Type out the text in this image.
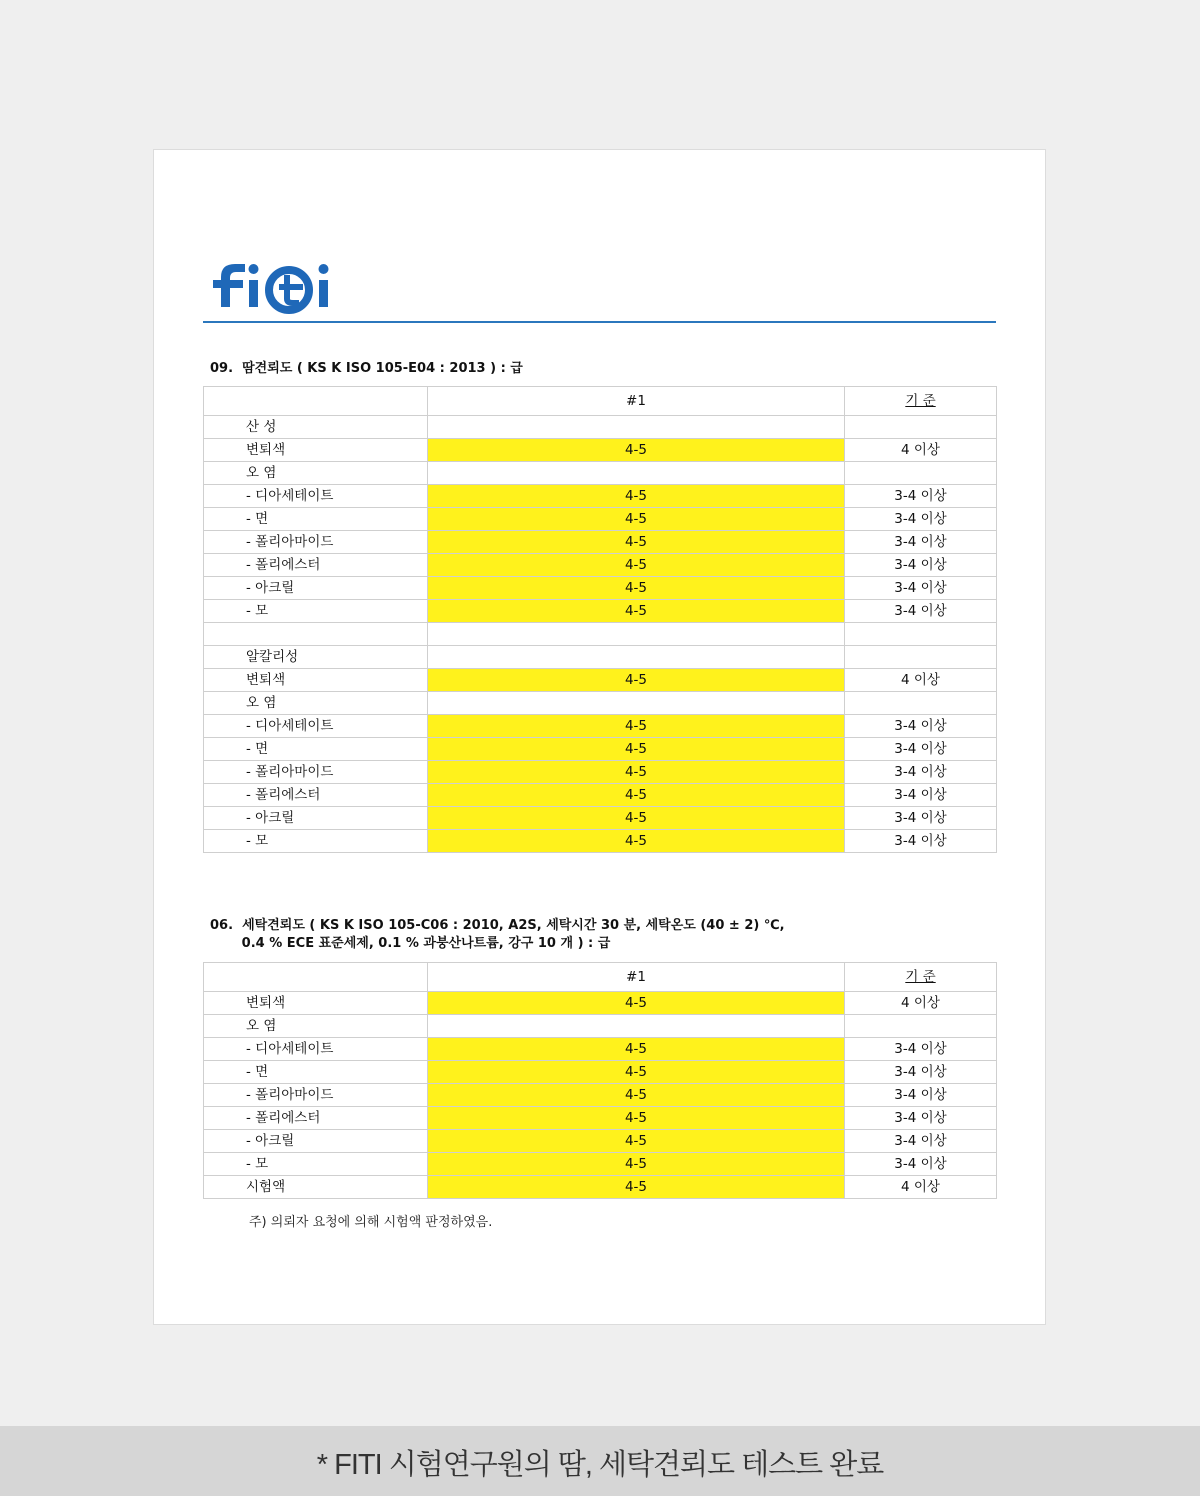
09.  땀견뢰도 ( KS K ISO 105-E04 : 2013 ) : 급
	#1	기 준
산 성		
변퇴색	4-5	4 이상
오 염		
- 디아세테이트	4-5	3-4 이상
- 면	4-5	3-4 이상
- 폴리아마이드	4-5	3-4 이상
- 폴리에스터	4-5	3-4 이상
- 아크릴	4-5	3-4 이상
- 모	4-5	3-4 이상

알칼리성		
변퇴색	4-5	4 이상
오 염		
- 디아세테이트	4-5	3-4 이상
- 면	4-5	3-4 이상
- 폴리아마이드	4-5	3-4 이상
- 폴리에스터	4-5	3-4 이상
- 아크릴	4-5	3-4 이상
- 모	4-5	3-4 이상
06.  세탁견뢰도 ( KS K ISO 105-C06 : 2010, A2S, 세탁시간 30 분, 세탁온도 (40 ± 2) ℃,
0.4 % ECE 표준세제, 0.1 % 과붕산나트륨, 강구 10 개 ) : 급
	#1	기 준
변퇴색	4-5	4 이상
오 염		
- 디아세테이트	4-5	3-4 이상
- 면	4-5	3-4 이상
- 폴리아마이드	4-5	3-4 이상
- 폴리에스터	4-5	3-4 이상
- 아크릴	4-5	3-4 이상
- 모	4-5	3-4 이상
시험액	4-5	4 이상
주) 의뢰자 요청에 의해 시험액 판정하였음.
* FITI 시험연구원의 땀, 세탁견뢰도 테스트 완료
